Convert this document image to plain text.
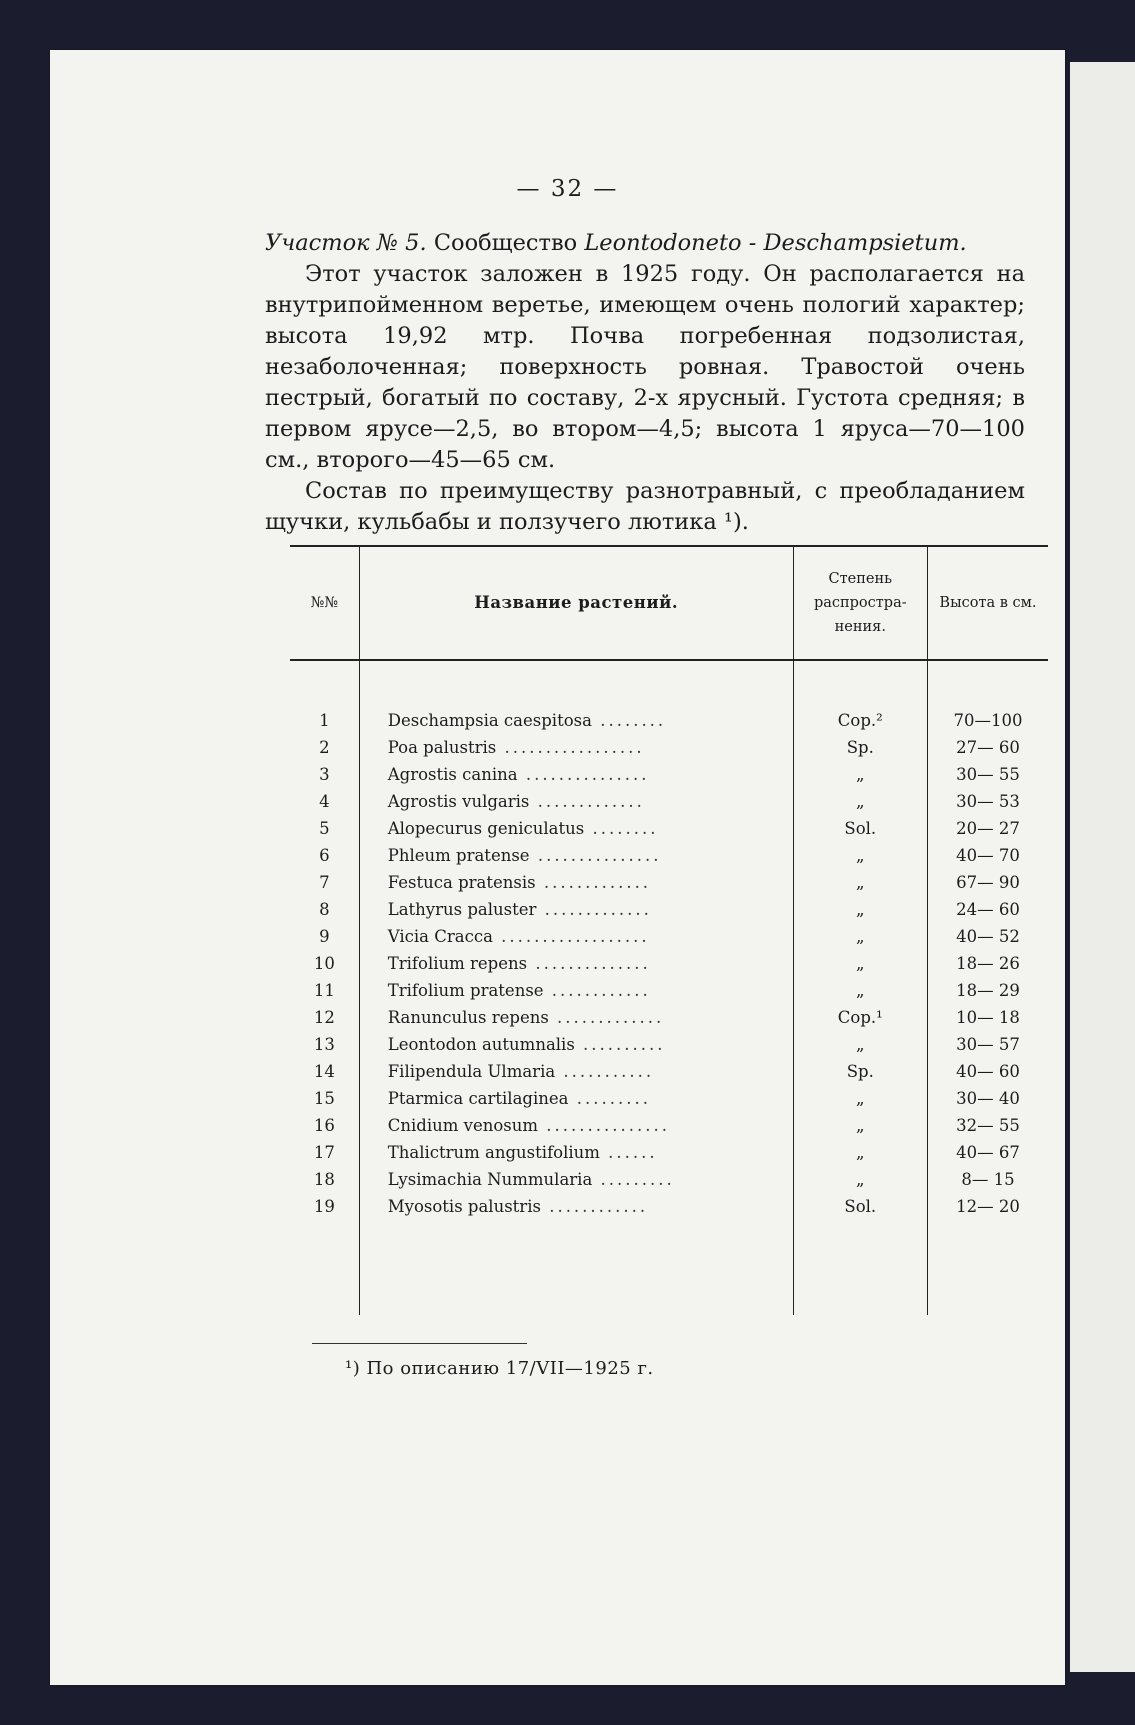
— 32 —

Участок № 5. Сообщество Leontodoneto - Deschampsietum.

Этот участок заложен в 1925 году. Он располагается на внутрипойменном веретье, имеющем очень пологий характер; высота 19,92 мтр. Почва погребенная подзолистая, незаболоченная; поверхность ровная. Травостой очень пестрый, богатый по составу, 2-х ярусный. Густота средняя; в первом ярусе—2,5, во втором—4,5; высота 1 яруса—70—100 см., второго—45—65 см.

Состав по преимуществу разнотравный, с преобладанием щучки, кульбабы и ползучего лютика ¹).

№№	Название растений.	Степень распростра- нения.	Высота в см.

1	Deschampsia caespitosa ........	Cop.²	70—100
2	Poa palustris .................	Sp.	27— 60
3	Agrostis canina ...............	„	30— 55
4	Agrostis vulgaris .............	„	30— 53
5	Alopecurus geniculatus ........	Sol.	20— 27
6	Phleum pratense ...............	„	40— 70
7	Festuca pratensis .............	„	67— 90
8	Lathyrus paluster .............	„	24— 60
9	Vicia Cracca ..................	„	40— 52
10	Trifolium repens ..............	„	18— 26
11	Trifolium pratense ............	„	18— 29
12	Ranunculus repens .............	Cop.¹	10— 18
13	Leontodon autumnalis ..........	„	30— 57
14	Filipendula Ulmaria ...........	Sp.	40— 60
15	Ptarmica cartilaginea .........	„	30— 40
16	Cnidium venosum ...............	„	32— 55
17	Thalictrum angustifolium ......	„	40— 67
18	Lysimachia Nummularia .........	„	8— 15
19	Myosotis palustris ............	Sol.	12— 20

¹) По описанию 17/VII—1925 г.
